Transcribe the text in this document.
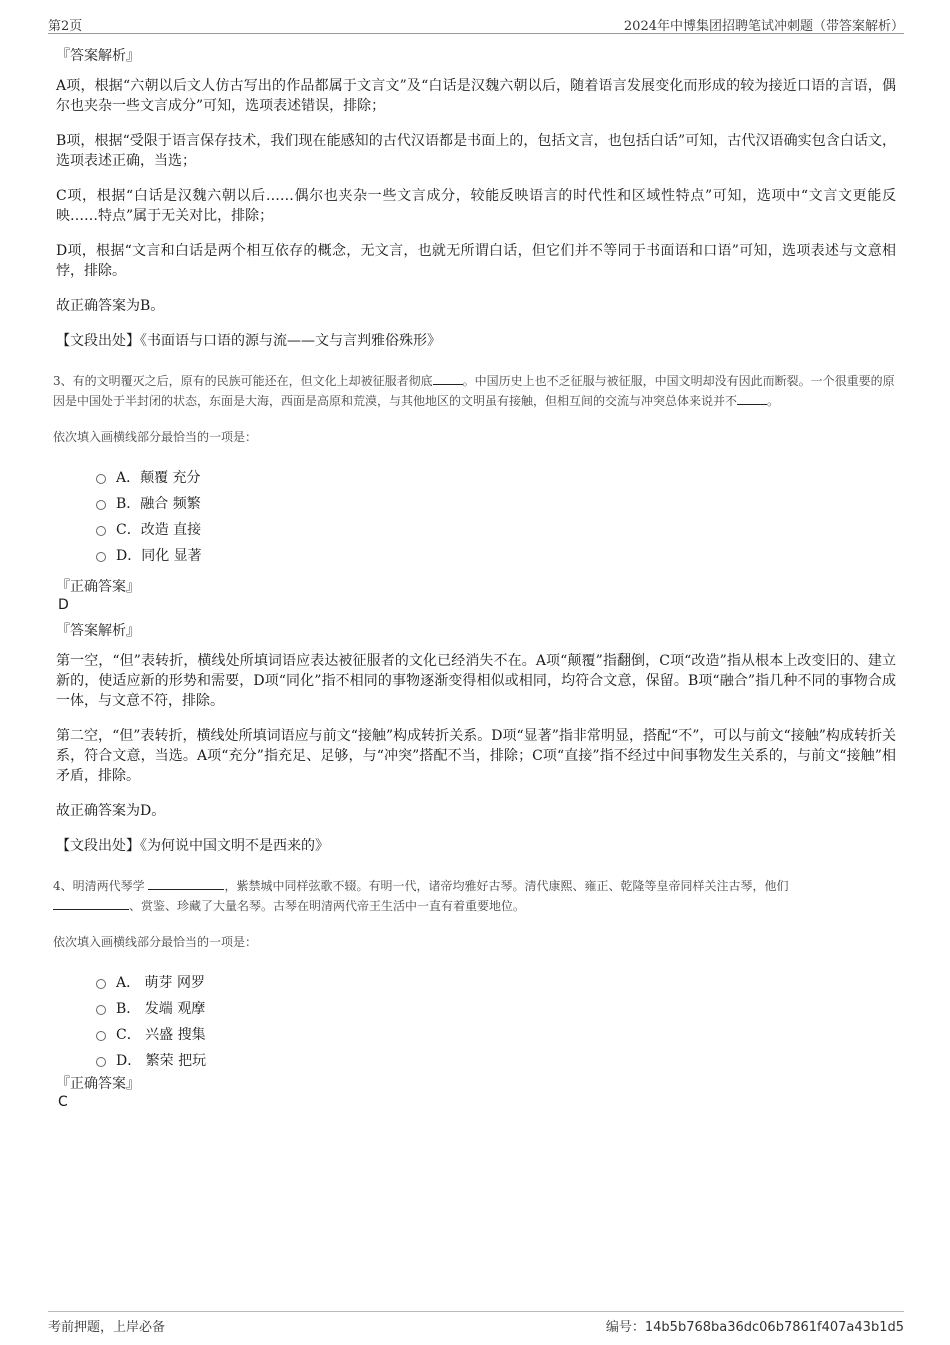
第2页	2024年中博集团招聘笔试冲刺题（带答案解析）
『答案解析』

A项，根据“六朝以后文人仿古写出的作品都属于文言文”及“白话是汉魏六朝以后，随着语言发展变化而形成的较为接近口语的言语，偶尔也夹杂一些文言成分”可知，选项表述错误，排除；

B项，根据“受限于语言保存技术，我们现在能感知的古代汉语都是书面上的，包括文言，也包括白话”可知，古代汉语确实包含白话文，选项表述正确，当选；

C项，根据“白话是汉魏六朝以后……偶尔也夹杂一些文言成分，较能反映语言的时代性和区域性特点”可知，选项中“文言文更能反映……特点”属于无关对比，排除；

D项，根据“文言和白话是两个相互依存的概念，无文言，也就无所谓白话，但它们并不等同于书面语和口语”可知，选项表述与文意相悖，排除。

故正确答案为B。

【文段出处】《书面语与口语的源与流——文与言判雅俗殊形》

3、有的文明覆灭之后，原有的民族可能还在，但文化上却被征服者彻底	。中国历史上也不乏征服与被征服，中国文明却没有因此而断裂。一个很重要的原因是中国处于半封闭的状态，东面是大海，西面是高原和荒漠，与其他地区的文明虽有接触，但相互间的交流与冲突总体来说并不	。
依次填入画横线部分最恰当的一项是：
A．颠覆 充分
B．融合 频繁
C．改造 直接
D．同化 显著
『正确答案』
D
『答案解析』

第一空，“但”表转折，横线处所填词语应表达被征服者的文化已经消失不在。A项“颠覆”指翻倒，C项“改造”指从根本上改变旧的、建立新的，使适应新的形势和需要，D项“同化”指不相同的事物逐渐变得相似或相同，均符合文意，保留。B项“融合”指几种不同的事物合成一体，与文意不符，排除。

第二空，“但”表转折，横线处所填词语应与前文“接触”构成转折关系。D项“显著”指非常明显，搭配“不”，可以与前文“接触”构成转折关系，符合文意，当选。A项“充分”指充足、足够，与“冲突”搭配不当，排除；C项“直接”指不经过中间事物发生关系的，与前文“接触”相矛盾，排除。

故正确答案为D。

【文段出处】《为何说中国文明不是西来的》

4、明清两代琴学	，紫禁城中同样弦歌不辍。有明一代，诸帝均雅好古琴。清代康熙、雍正、乾隆等皇帝同样关注古琴，他们
、赏鉴、珍藏了大量名琴。古琴在明清两代帝王生活中一直有着重要地位。
依次填入画横线部分最恰当的一项是：
A． 萌芽 网罗
B． 发端 观摩
C． 兴盛 搜集
D． 繁荣 把玩
『正确答案』
C
考前押题，上岸必备	编号：14b5b768ba36dc06b7861f407a43b1d5
